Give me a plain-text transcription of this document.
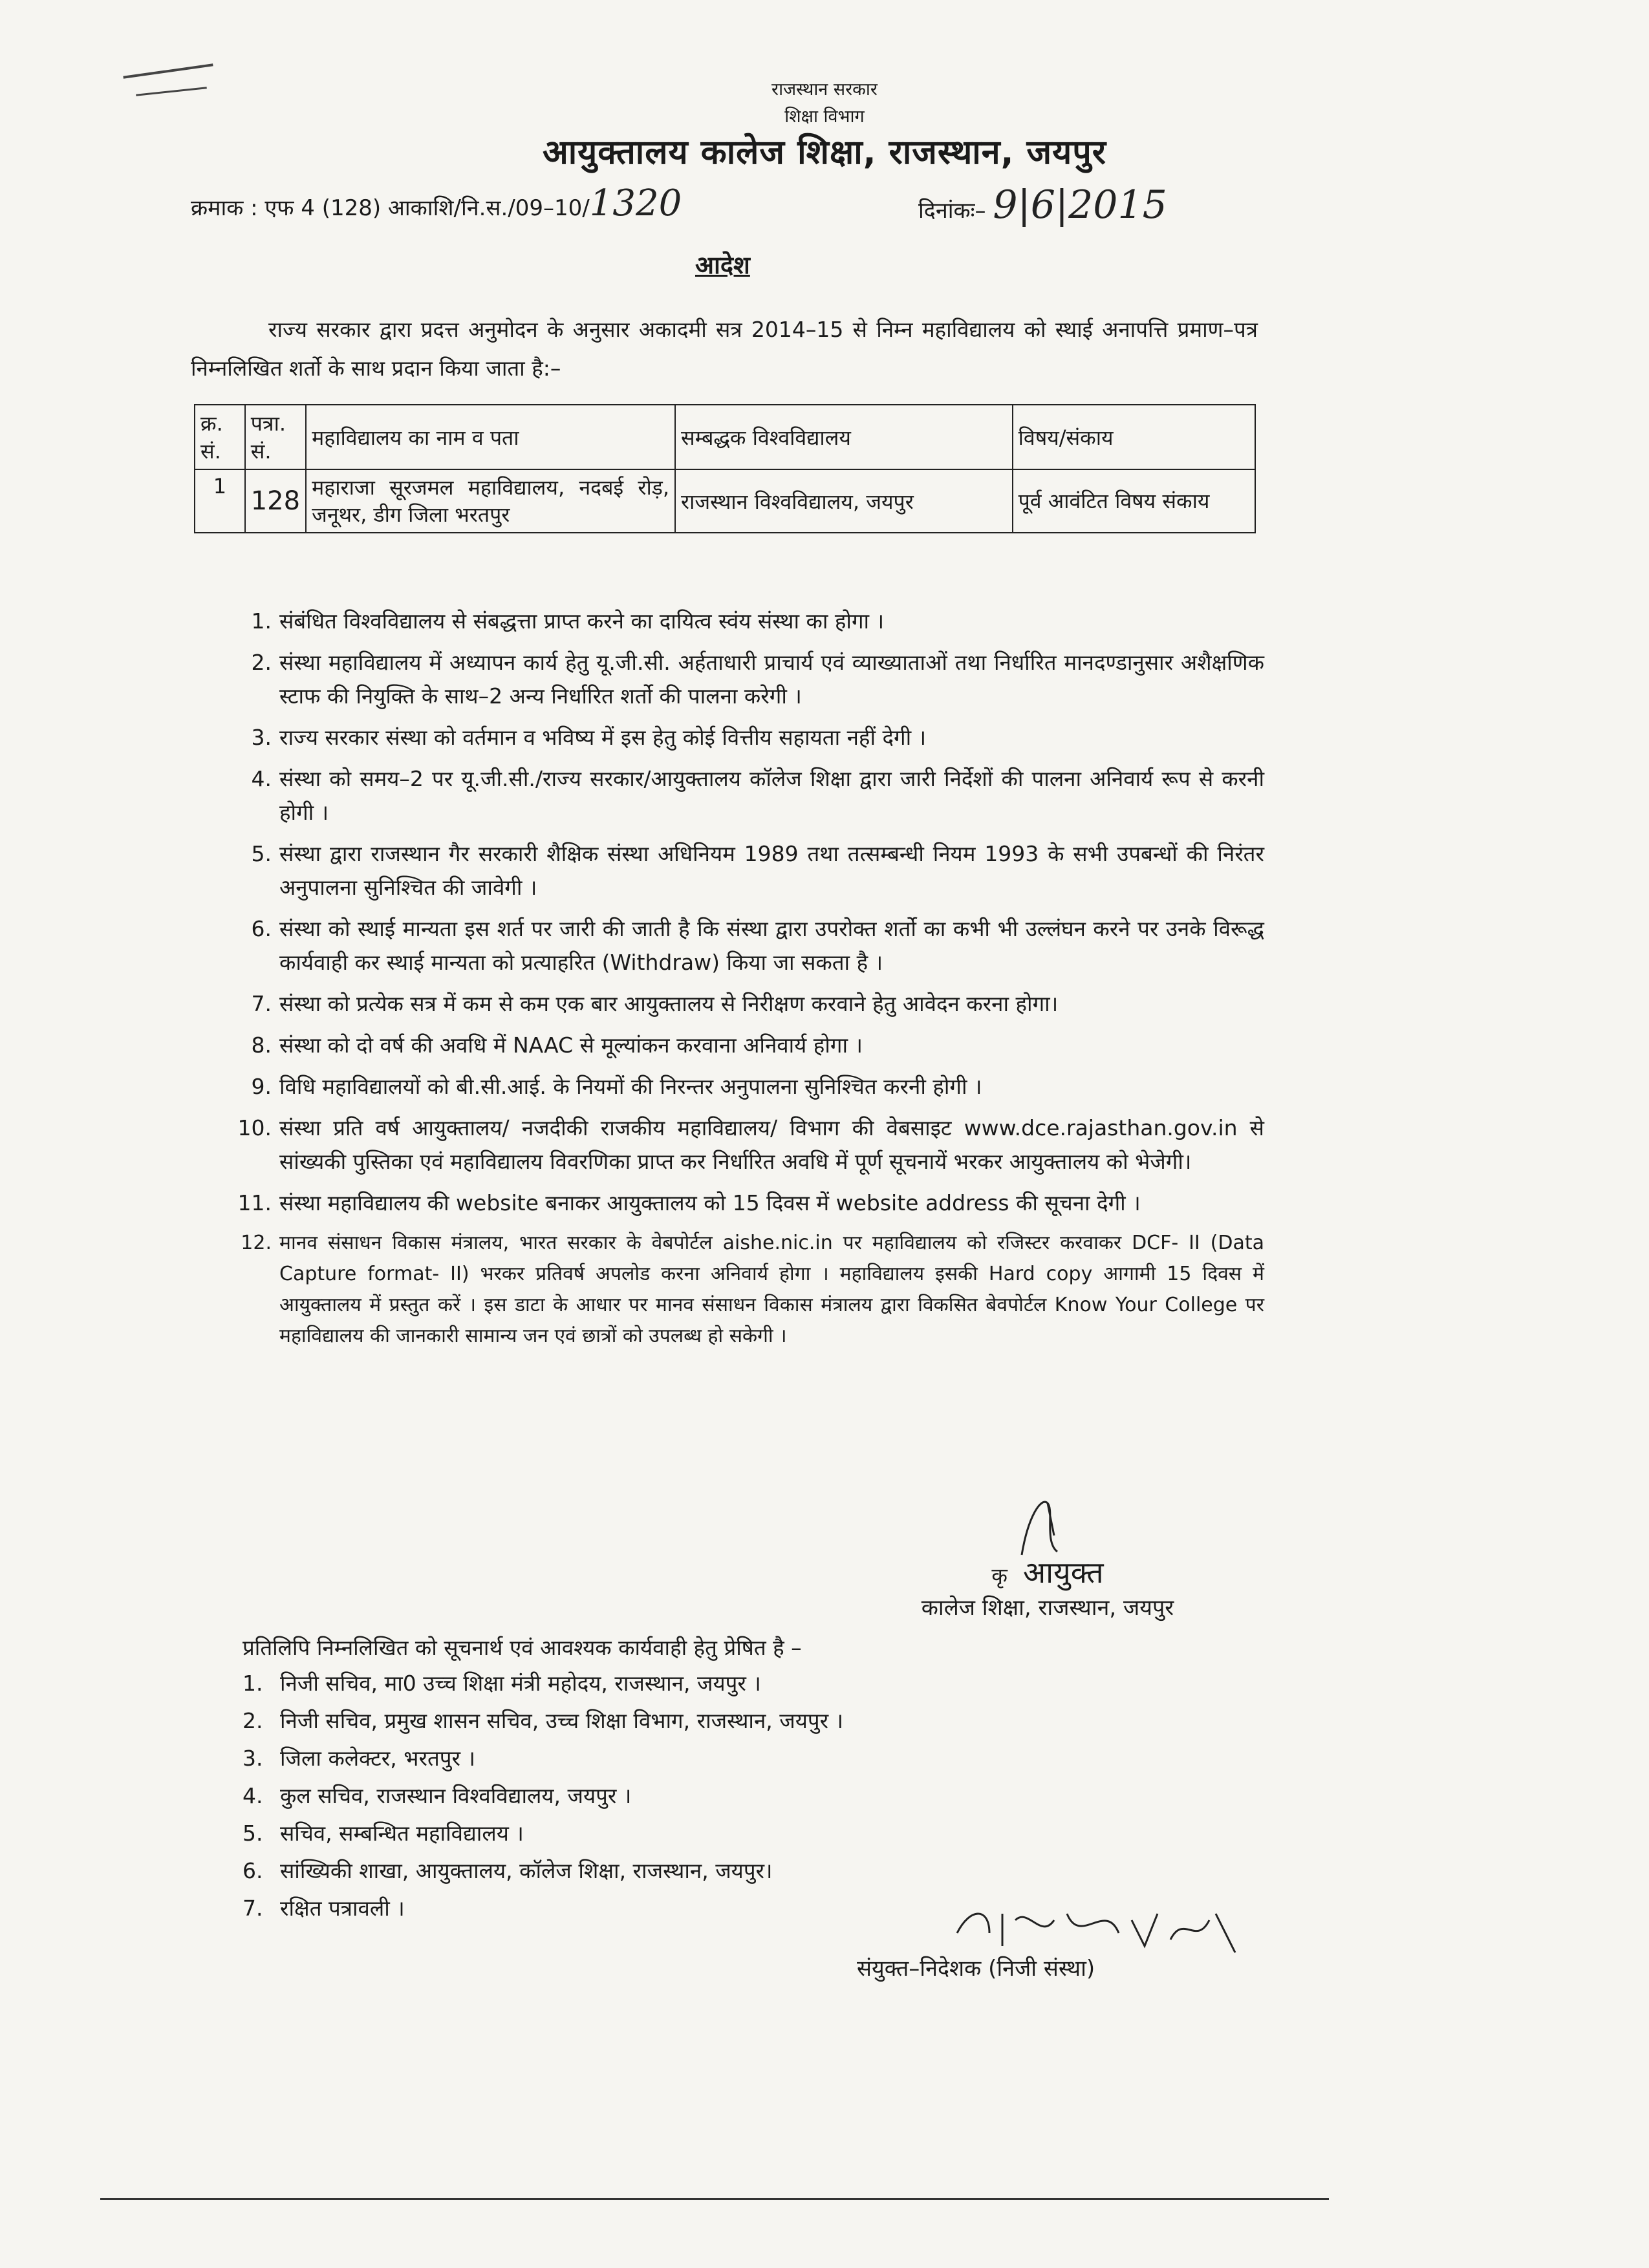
राजस्थान सरकार
शिक्षा विभाग
आयुक्तालय कालेज शिक्षा, राजस्थान, जयपुर
क्रमाक : एफ 4 (128) आकाशि/नि.स./09–10/1320	दिनांकः– 9|6|2015
आदेश
राज्य सरकार द्वारा प्रदत्त अनुमोदन के अनुसार अकादमी सत्र 2014–15 से निम्न महाविद्यालय को स्थाई अनापत्ति प्रमाण–पत्र निम्नलिखित शर्तो के साथ प्रदान किया जाता है:–
क्र. सं.	पत्रा. सं.	महाविद्यालय का नाम व पता	सम्बद्धक विश्वविद्यालय	विषय/संकाय
1	128	महाराजा सूरजमल महाविद्यालय, नदबई रोड़, जनूथर, डीग जिला भरतपुर	राजस्थान विश्वविद्यालय, जयपुर	पूर्व आवंटित विषय संकाय
1. संबंधित विश्वविद्यालय से संबद्धत्ता प्राप्त करने का दायित्व स्वंय संस्था का होगा ।
2. संस्था महाविद्यालय में अध्यापन कार्य हेतु यू.जी.सी. अर्हताधारी प्राचार्य एवं व्याख्याताओं तथा निर्धारित मानदण्डानुसार अशैक्षणिक स्टाफ की नियुक्ति के साथ–2 अन्य निर्धारित शर्तो की पालना करेगी ।
3. राज्य सरकार संस्था को वर्तमान व भविष्य में इस हेतु कोई वित्तीय सहायता नहीं देगी ।
4. संस्था को समय–2 पर यू.जी.सी./राज्य सरकार/आयुक्तालय कॉलेज शिक्षा द्वारा जारी निर्देशों की पालना अनिवार्य रूप से करनी होगी ।
5. संस्था द्वारा राजस्थान गैर सरकारी शैक्षिक संस्था अधिनियम 1989 तथा तत्सम्बन्धी नियम 1993 के सभी उपबन्धों की निरंतर अनुपालना सुनिश्चित की जावेगी ।
6. संस्था को स्थाई मान्यता इस शर्त पर जारी की जाती है कि संस्था द्वारा उपरोक्त शर्तो का कभी भी उल्लंघन करने पर उनके विरूद्ध कार्यवाही कर स्थाई मान्यता को प्रत्याहरित (Withdraw) किया जा सकता है ।
7. संस्था को प्रत्येक सत्र में कम से कम एक बार आयुक्तालय से निरीक्षण करवाने हेतु आवेदन करना होगा।
8. संस्था को दो वर्ष की अवधि में NAAC से मूल्यांकन करवाना अनिवार्य होगा ।
9. विधि महाविद्यालयों को बी.सी.आई. के नियमों की निरन्तर अनुपालना सुनिश्चित करनी होगी ।
10. संस्था प्रति वर्ष आयुक्तालय/ नजदीकी राजकीय महाविद्यालय/ विभाग की वेबसाइट www.dce.rajasthan.gov.in से सांख्यकी पुस्तिका एवं महाविद्यालय विवरणिका प्राप्त कर निर्धारित अवधि में पूर्ण सूचनायें भरकर आयुक्तालय को भेजेगी।
11. संस्था महाविद्यालय की website बनाकर आयुक्तालय को 15 दिवस में website address की सूचना देगी ।
12. मानव संसाधन विकास मंत्रालय, भारत सरकार के वेबपोर्टल aishe.nic.in पर महाविद्यालय को रजिस्टर करवाकर DCF- II (Data Capture format- II) भरकर प्रतिवर्ष अपलोड करना अनिवार्य होगा । महाविद्यालय इसकी Hard copy आगामी 15 दिवस में आयुक्तालय में प्रस्तुत करें । इस डाटा के आधार पर मानव संसाधन विकास मंत्रालय द्वारा विकसित बेवपोर्टल Know Your College पर महाविद्यालय की जानकारी सामान्य जन एवं छात्रों को उपलब्ध हो सकेगी ।
कृ आयुक्त
कालेज शिक्षा, राजस्थान, जयपुर
प्रतिलिपि निम्नलिखित को सूचनार्थ एवं आवश्यक कार्यवाही हेतु प्रेषित है –
1. निजी सचिव, मा0 उच्च शिक्षा मंत्री महोदय, राजस्थान, जयपुर ।
2. निजी सचिव, प्रमुख शासन सचिव, उच्च शिक्षा विभाग, राजस्थान, जयपुर ।
3. जिला कलेक्टर, भरतपुर ।
4. कुल सचिव, राजस्थान विश्वविद्यालय, जयपुर ।
5. सचिव, सम्बन्धित महाविद्यालय ।
6. सांख्यिकी शाखा, आयुक्तालय, कॉलेज शिक्षा, राजस्थान, जयपुर।
7. रक्षित पत्रावली ।
संयुक्त–निदेशक (निजी संस्था)
